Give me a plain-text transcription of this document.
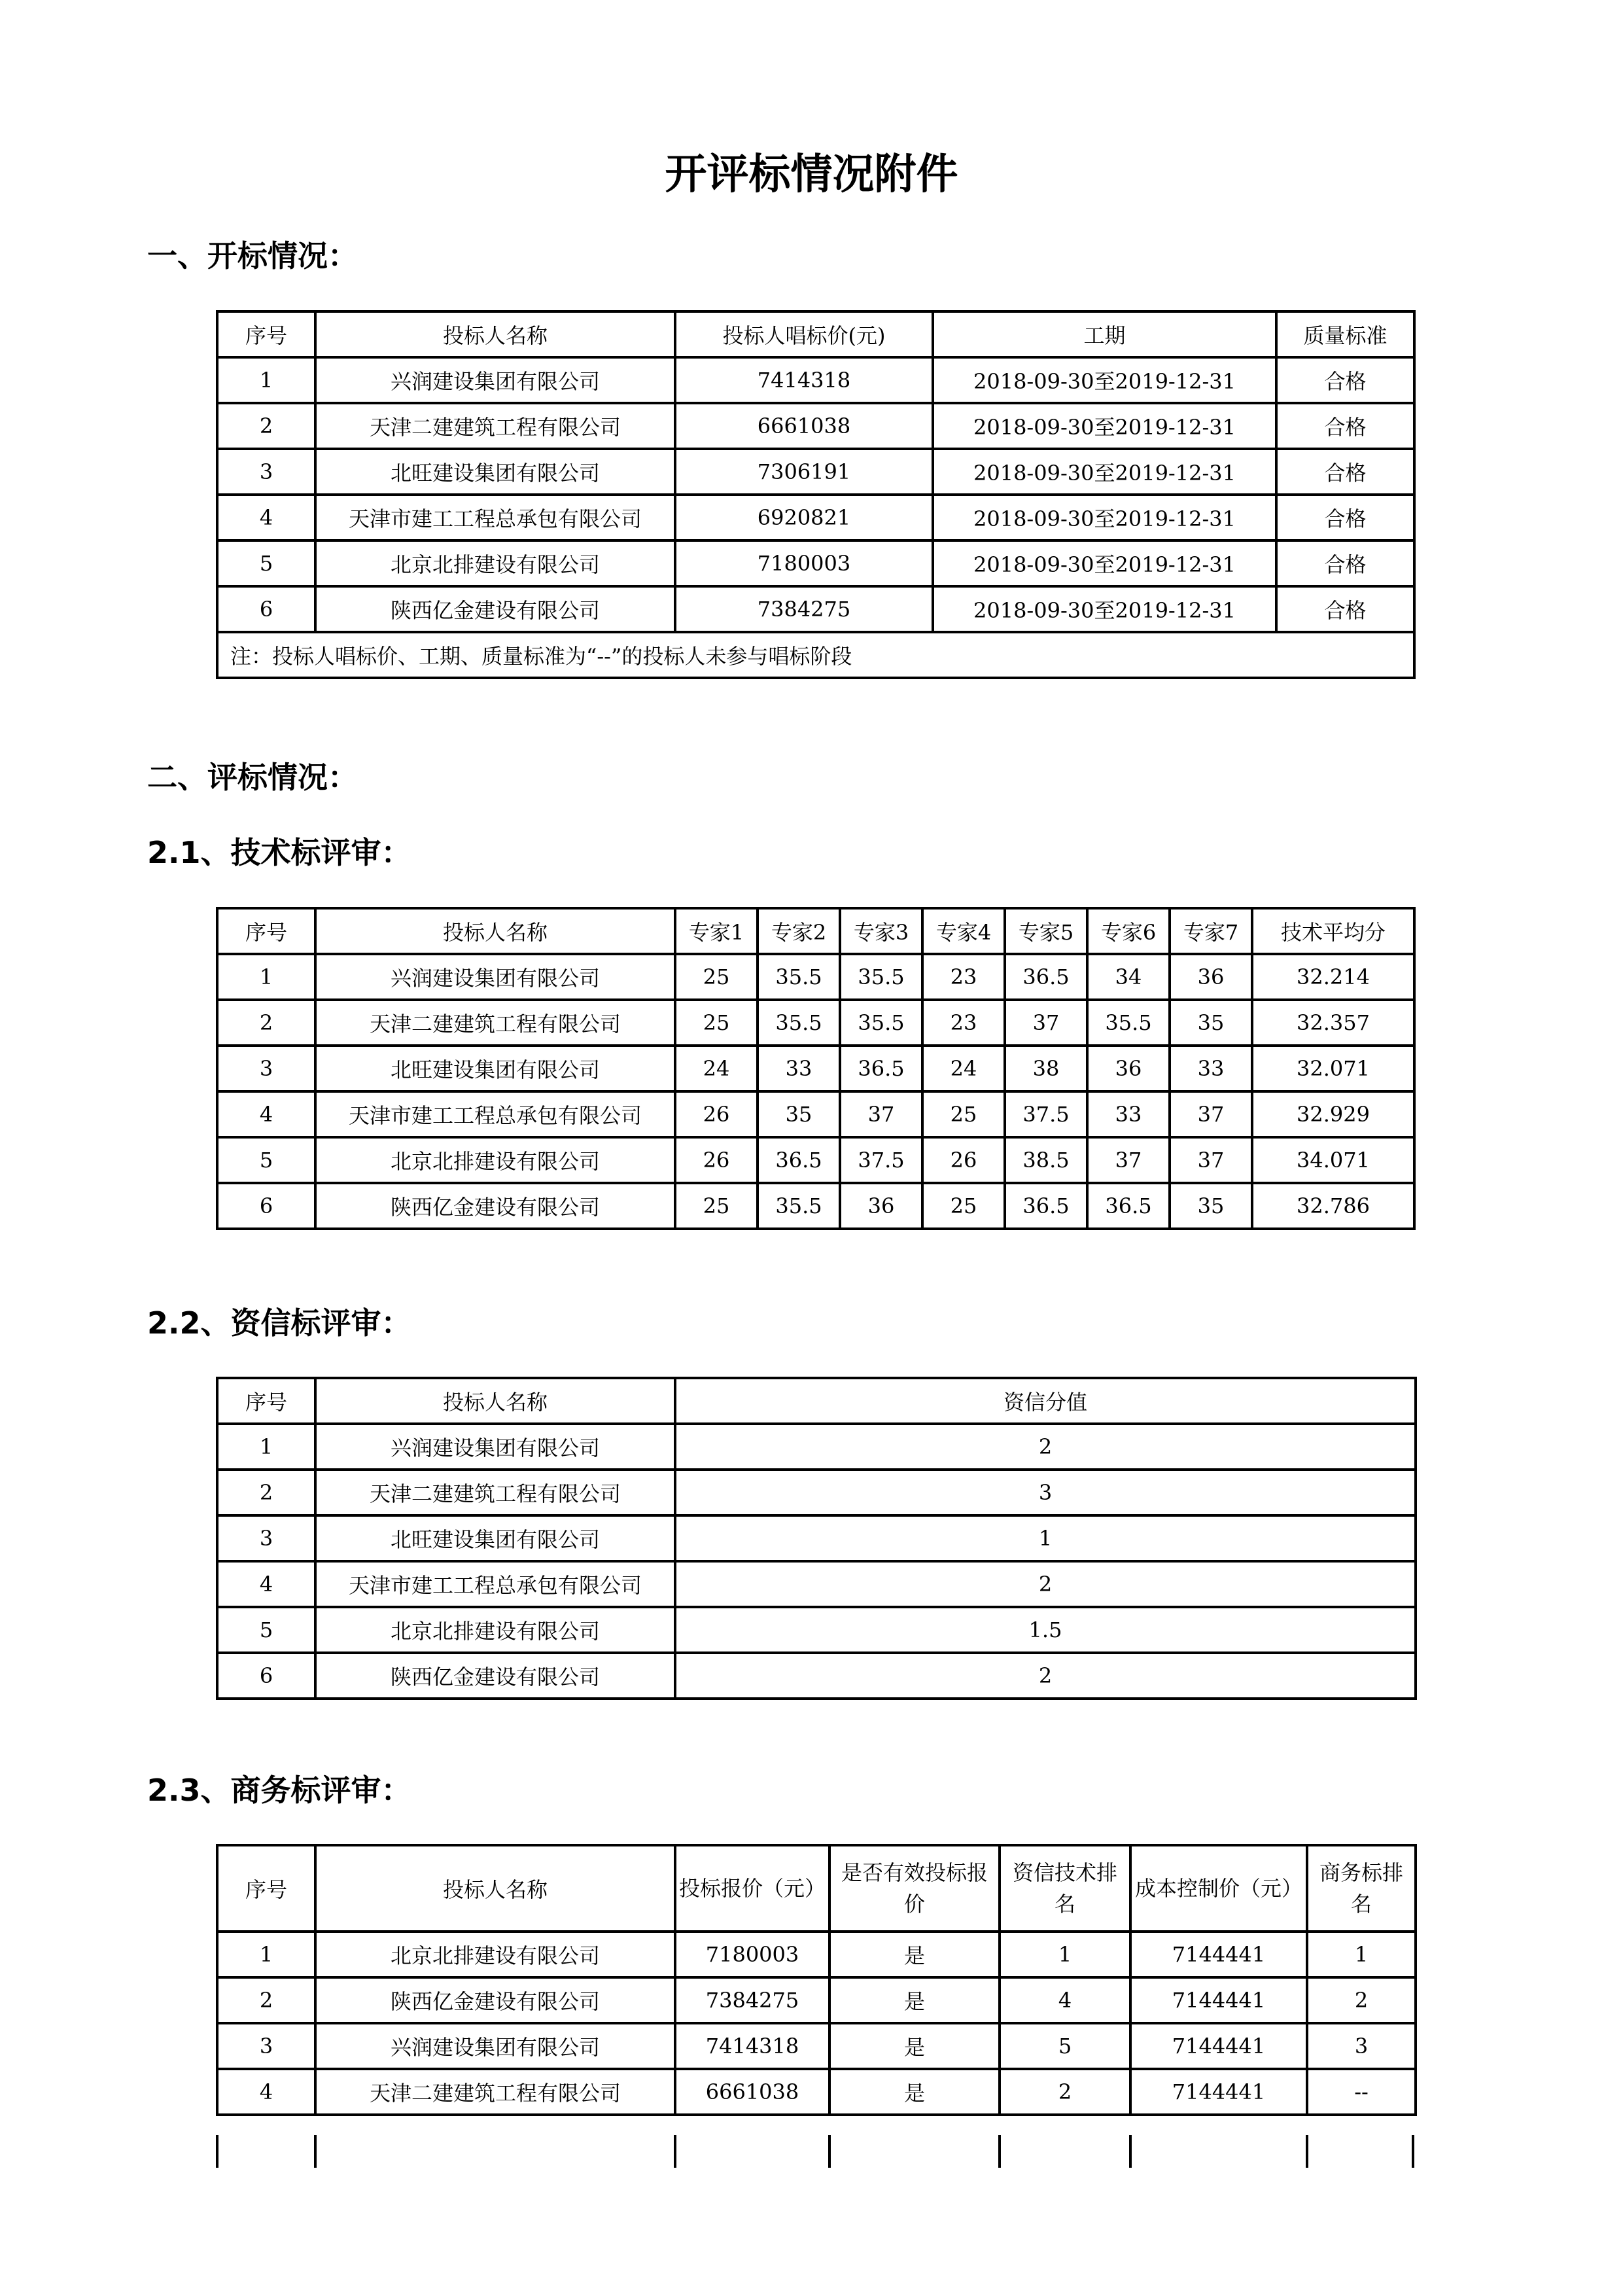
开评标情况附件
一、开标情况：
序号	投标人名称	投标人唱标价(元)	工期	质量标准
1	兴润建设集团有限公司	7414318	2018-09-30至2019-12-31	合格
2	天津二建建筑工程有限公司	6661038	2018-09-30至2019-12-31	合格
3	北旺建设集团有限公司	7306191	2018-09-30至2019-12-31	合格
4	天津市建工工程总承包有限公司	6920821	2018-09-30至2019-12-31	合格
5	北京北排建设有限公司	7180003	2018-09-30至2019-12-31	合格
6	陕西亿金建设有限公司	7384275	2018-09-30至2019-12-31	合格
注：投标人唱标价、工期、质量标准为“--”的投标人未参与唱标阶段				
二、评标情况：
2.1、技术标评审：
序号	投标人名称	专家1	专家2	专家3	专家4	专家5	专家6	专家7	技术平均分
1	兴润建设集团有限公司	25	35.5	35.5	23	36.5	34	36	32.214
2	天津二建建筑工程有限公司	25	35.5	35.5	23	37	35.5	35	32.357
3	北旺建设集团有限公司	24	33	36.5	24	38	36	33	32.071
4	天津市建工工程总承包有限公司	26	35	37	25	37.5	33	37	32.929
5	北京北排建设有限公司	26	36.5	37.5	26	38.5	37	37	34.071
6	陕西亿金建设有限公司	25	35.5	36	25	36.5	36.5	35	32.786
2.2、资信标评审：
序号	投标人名称	资信分值
1	兴润建设集团有限公司	2
2	天津二建建筑工程有限公司	3
3	北旺建设集团有限公司	1
4	天津市建工工程总承包有限公司	2
5	北京北排建设有限公司	1.5
6	陕西亿金建设有限公司	2
2.3、商务标评审：
序号	投标人名称	投标报价（元）	是否有效投标报价	资信技术排名	成本控制价（元）	商务标排名
1	北京北排建设有限公司	7180003	是	1	7144441	1
2	陕西亿金建设有限公司	7384275	是	4	7144441	2
3	兴润建设集团有限公司	7414318	是	5	7144441	3
4	天津二建建筑工程有限公司	6661038	是	2	7144441	--
